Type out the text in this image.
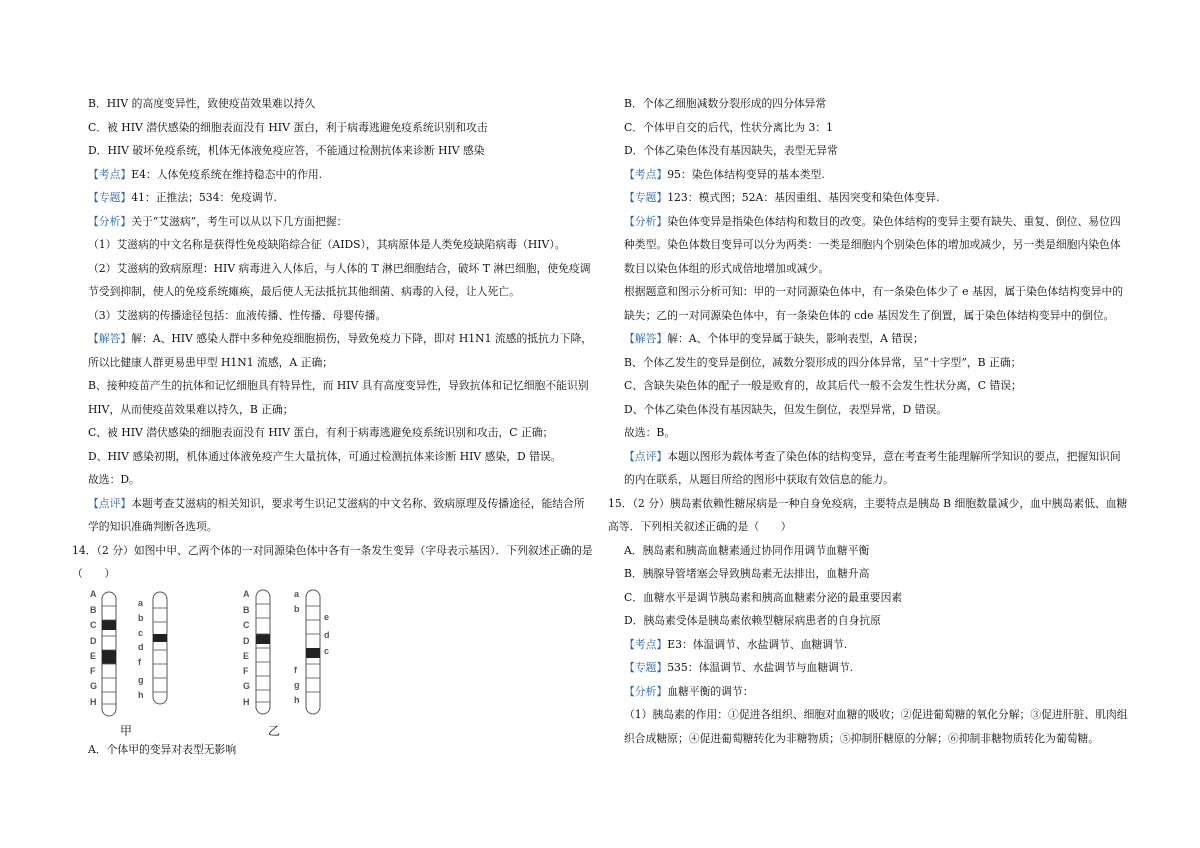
B．HIV 的高度变异性，致使疫苗效果难以持久

C．被 HIV 潜伏感染的细胞表面没有 HIV 蛋白，利于病毒逃避免疫系统识别和攻击

D．HIV 破坏免疫系统，机体无体液免疫应答，不能通过检测抗体来诊断 HIV 感染

【考点】E4：人体免疫系统在维持稳态中的作用.

【专题】41：正推法；534：免疫调节.

【分析】关于“艾滋病”，考生可以从以下几方面把握：

（1）艾滋病的中文名称是获得性免疫缺陷综合征（AIDS），其病原体是人类免疫缺陷病毒（HIV）。

（2）艾滋病的致病原理：HIV 病毒进入人体后，与人体的 T 淋巴细胞结合，破坏 T 淋巴细胞，使免疫调节受到抑制，使人的免疫系统瘫痪，最后使人无法抵抗其他细菌、病毒的入侵，让人死亡。

（3）艾滋病的传播途径包括：血液传播、性传播、母婴传播。

【解答】解：A、HIV 感染人群中多种免疫细胞损伤，导致免疫力下降，即对 H1N1 流感的抵抗力下降，所以比健康人群更易患甲型 H1N1 流感，A 正确；

B、接种疫苗产生的抗体和记忆细胞具有特异性，而 HIV 具有高度变异性，导致抗体和记忆细胞不能识别 HIV，从而使疫苗效果难以持久，B 正确；

C、被 HIV 潜伏感染的细胞表面没有 HIV 蛋白，有利于病毒逃避免疫系统识别和攻击，C 正确；

D、HIV 感染初期，机体通过体液免疫产生大量抗体，可通过检测抗体来诊断 HIV 感染，D 错误。

故选：D。

【点评】本题考查艾滋病的相关知识，要求考生识记艾滋病的中文名称、致病原理及传播途径，能结合所学的知识准确判断各选项。

14．（2 分）如图中甲、乙两个体的一对同源染色体中各有一条发生变异（字母表示基因）．下列叙述正确的是（　　）

A
B
C
D
E
F
G
H
a
b
c
d
f
g
h
A
B
C
D
E
F
G
H
a
b
e
d
c
f
g
h
甲	乙

A．个体甲的变异对表型无影响

B．个体乙细胞减数分裂形成的四分体异常

C．个体甲自交的后代，性状分离比为 3：1

D．个体乙染色体没有基因缺失，表型无异常

【考点】95：染色体结构变异的基本类型.

【专题】123：模式图；52A：基因重组、基因突变和染色体变异.

【分析】染色体变异是指染色体结构和数目的改变。染色体结构的变异主要有缺失、重复、倒位、易位四种类型。染色体数目变异可以分为两类：一类是细胞内个别染色体的增加或减少，另一类是细胞内染色体数目以染色体组的形式成倍地增加或减少。

根据题意和图示分析可知：甲的一对同源染色体中，有一条染色体少了 e 基因，属于染色体结构变异中的缺失；乙的一对同源染色体中，有一条染色体的 cde 基因发生了倒置，属于染色体结构变异中的倒位。

【解答】解：A、个体甲的变异属于缺失，影响表型，A 错误；

B、个体乙发生的变异是倒位，减数分裂形成的四分体异常，呈“十字型”，B 正确；

C、含缺失染色体的配子一般是败育的，故其后代一般不会发生性状分离，C 错误；

D、个体乙染色体没有基因缺失，但发生倒位，表型异常，D 错误。

故选：B。

【点评】本题以图形为载体考查了染色体的结构变异，意在考查考生能理解所学知识的要点，把握知识间的内在联系，从题目所给的图形中获取有效信息的能力。

15．（2 分）胰岛素依赖性糖尿病是一种自身免疫病，主要特点是胰岛 B 细胞数量减少，血中胰岛素低、血糖高等．下列相关叙述正确的是（　　）

A．胰岛素和胰高血糖素通过协同作用调节血糖平衡

B．胰腺导管堵塞会导致胰岛素无法排出，血糖升高

C．血糖水平是调节胰岛素和胰高血糖素分泌的最重要因素

D．胰岛素受体是胰岛素依赖型糖尿病患者的自身抗原

【考点】E3：体温调节、水盐调节、血糖调节.

【专题】535：体温调节、水盐调节与血糖调节.

【分析】血糖平衡的调节：

（1）胰岛素的作用：①促进各组织、细胞对血糖的吸收；②促进葡萄糖的氧化分解；③促进肝脏、肌肉组织合成糖原；④促进葡萄糖转化为非糖物质；⑤抑制肝糖原的分解；⑥抑制非糖物质转化为葡萄糖。
